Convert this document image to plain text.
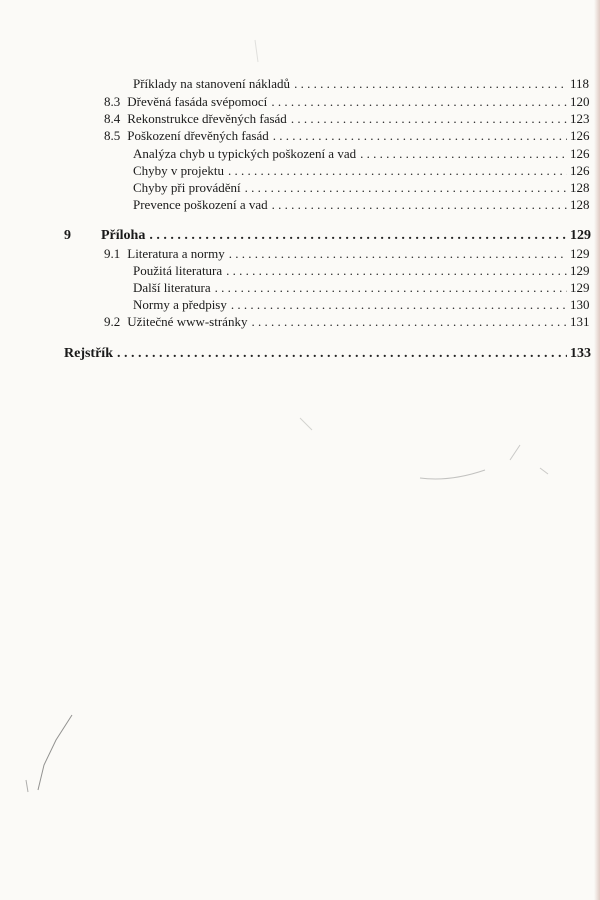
Příklady na stanovení nákladů . . .	118
8.3 Dřevěná fasáda svépomocí . . .	120
8.4 Rekonstrukce dřevěných fasád . . .	123
8.5 Poškození dřevěných fasád . . .	126
Analýza chyb u typických poškození a vad . . .	126
Chyby v projektu . . .	126
Chyby při provádění . . .	128
Prevence poškození a vad . . .	128
9 Příloha . . .	129
9.1 Literatura a normy . . .	129
Použitá literatura . . .	129
Další literatura . . .	129
Normy a předpisy . . .	130
9.2 Užitečné www-stránky . . .	131
Rejstřík . . .	133
